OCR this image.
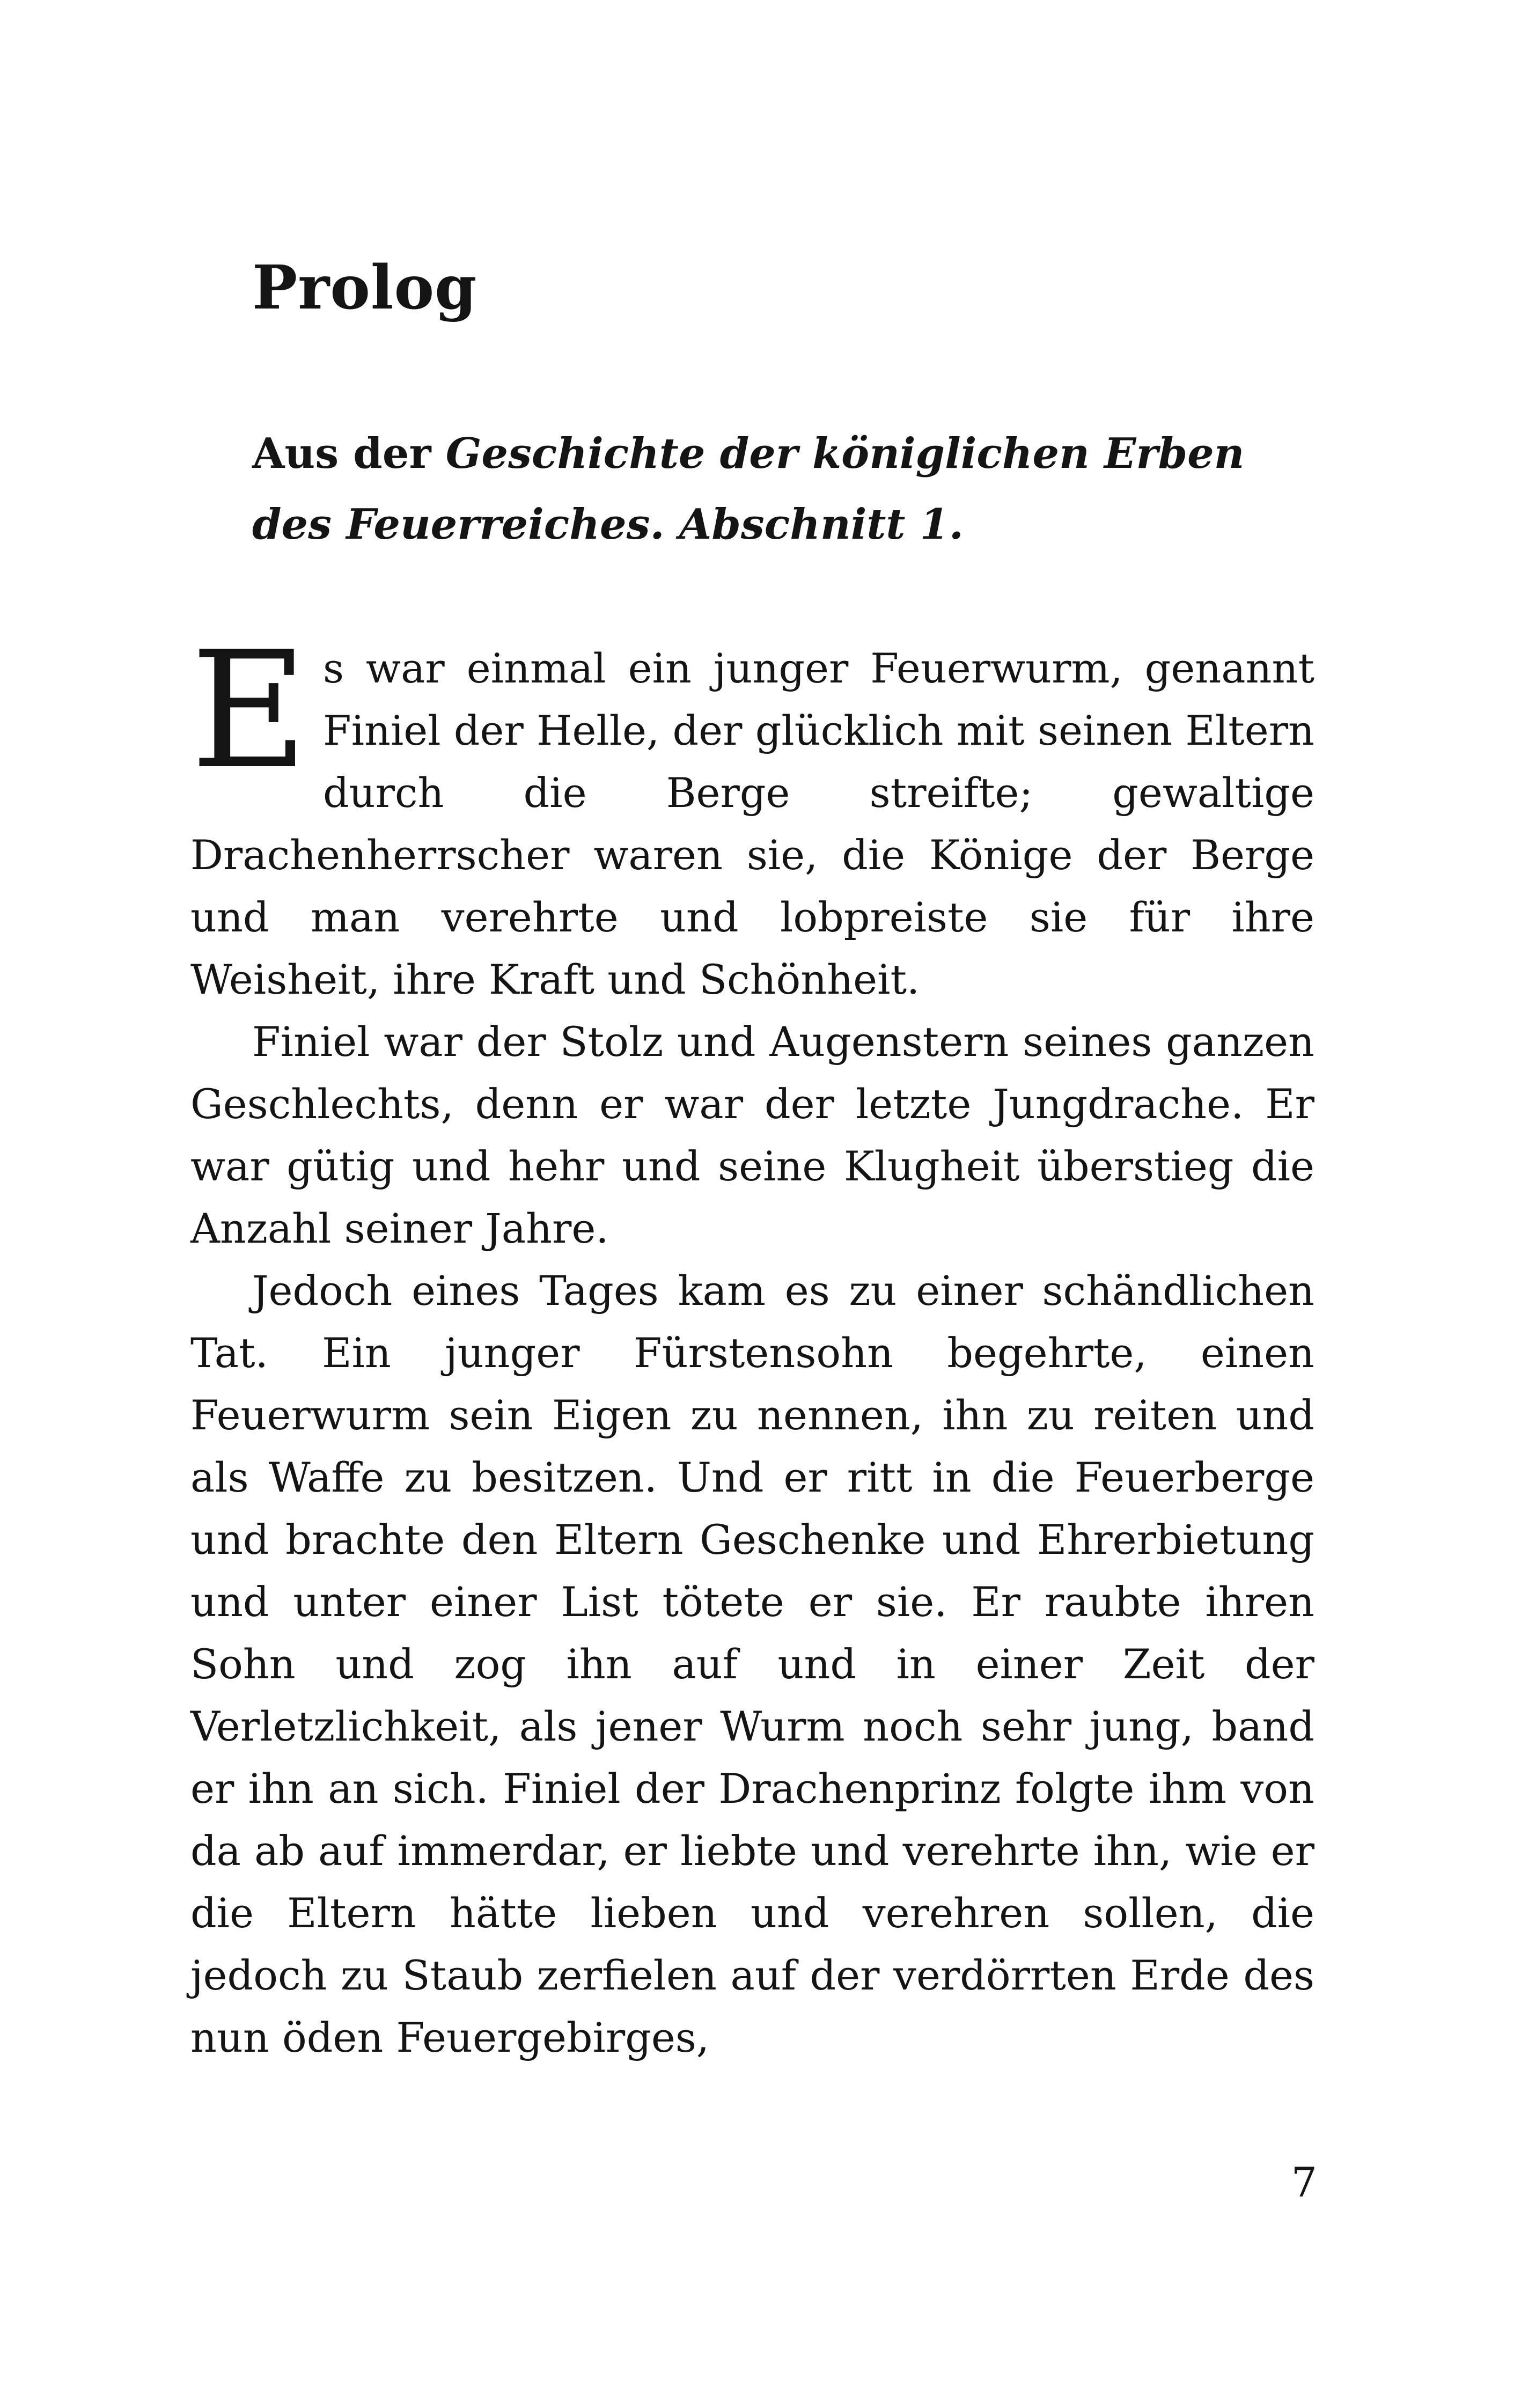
Prolog

Aus der Geschichte der königlichen Erben des Feuerreiches. Abschnitt 1.

Es war einmal ein junger Feuerwurm, genannt Finiel der Helle, der glücklich mit seinen Eltern durch die Berge streifte; gewaltige Drachenherrscher waren sie, die Könige der Berge und man verehrte und lobpreiste sie für ihre Weisheit, ihre Kraft und Schönheit.

Finiel war der Stolz und Augenstern seines ganzen Geschlechts, denn er war der letzte Jungdrache. Er war gütig und hehr und seine Klugheit überstieg die Anzahl seiner Jahre.

Jedoch eines Tages kam es zu einer schändlichen Tat. Ein junger Fürstensohn begehrte, einen Feuerwurm sein Eigen zu nennen, ihn zu reiten und als Waffe zu besitzen. Und er ritt in die Feuerberge und brachte den Eltern Geschenke und Ehrerbietung und unter einer List tötete er sie. Er raubte ihren Sohn und zog ihn auf und in einer Zeit der Verletzlichkeit, als jener Wurm noch sehr jung, band er ihn an sich. Finiel der Drachenprinz folgte ihm von da ab auf immerdar, er liebte und verehrte ihn, wie er die Eltern hätte lieben und verehren sollen, die jedoch zu Staub zerfielen auf der verdörrten Erde des nun öden Feuergebirges,

7
